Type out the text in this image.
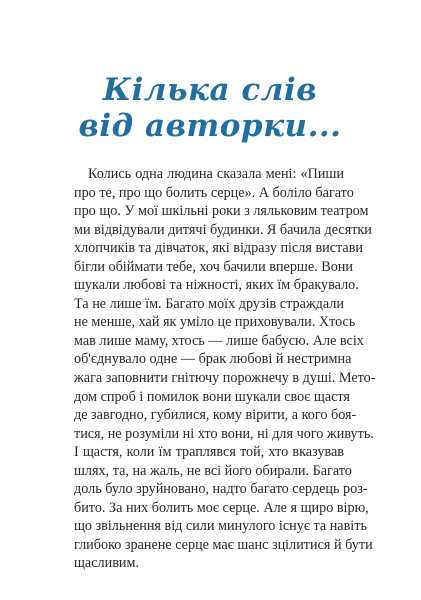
Кілька слів
від авторки...
Колись одна людина сказала мені: «Пиши
про те, про що болить серце». А боліло багато
про що. У мої шкільні роки з ляльковим театром
ми відвідували дитячі будинки. Я бачила десятки
хлопчиків та дівчаток, які відразу після вистави
бігли обіймати тебе, хоч бачили вперше. Вони
шукали любові та ніжності, яких їм бракувало.
Та не лише їм. Багато моїх друзів страждали
не менше, хай як уміло це приховували. Хтось
мав лише маму, хтось — лише бабусю. Але всіх
об'єднувало одне — брак любові й нестримна
жага заповнити гнітючу порожнечу в душі. Мето-
дом спроб і помилок вони шукали своє щастя
де завгодно, губилися, кому вірити, а кого боя-
тися, не розуміли ні хто вони, ні для чого живуть.
І щастя, коли їм траплявся той, хто вказував
шлях, та, на жаль, не всі його обирали. Багато
доль було зруйновано, надто багато сердець роз-
бито. За них болить моє серце. Але я щиро вірю,
що звільнення від сили минулого існує та навіть
глибоко зранене серце має шанс зцілитися й бути
щасливим.
